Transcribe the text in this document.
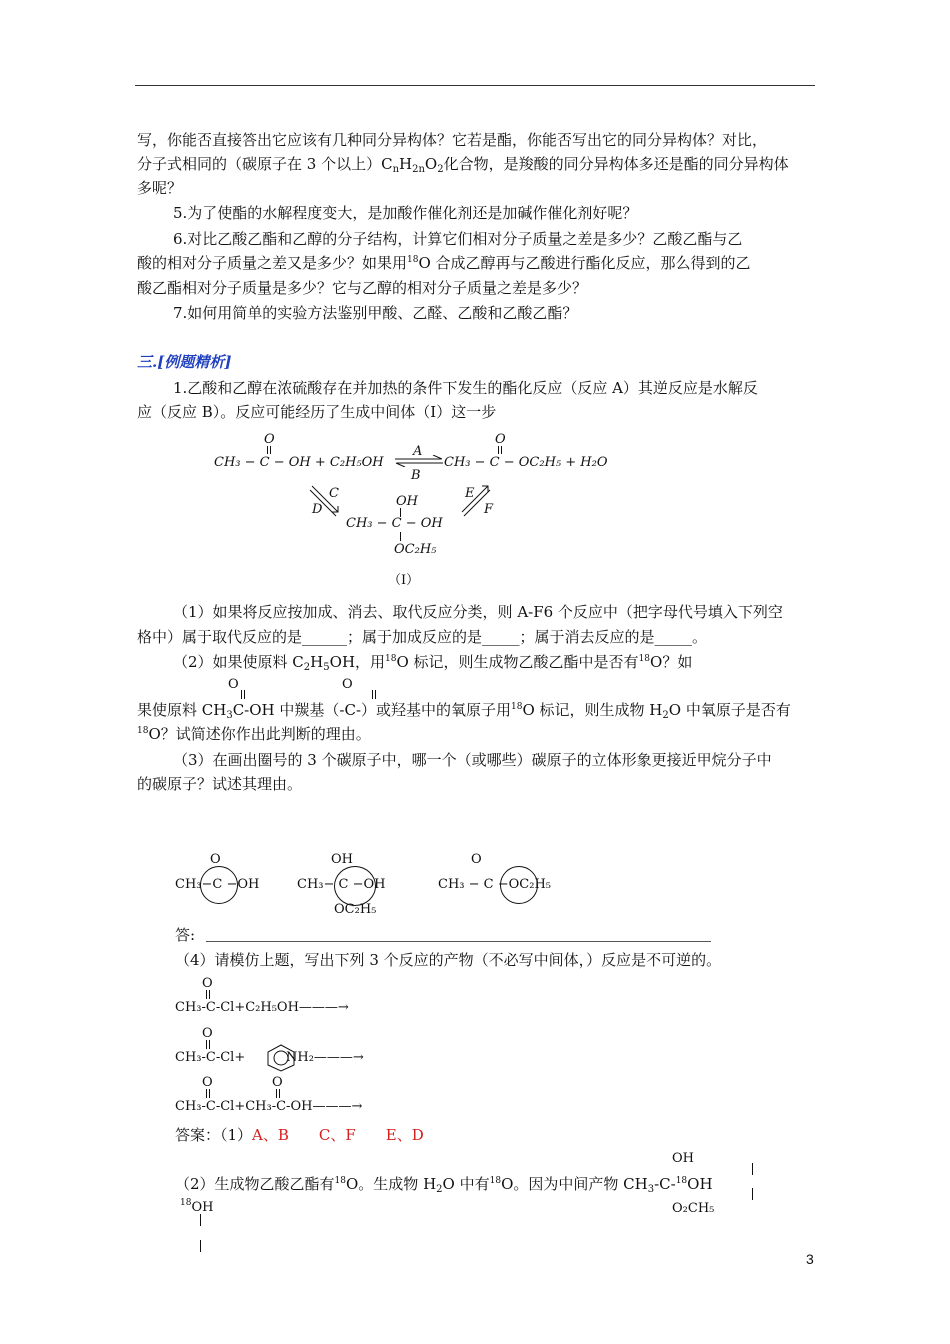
写，你能否直接答出它应该有几种同分异构体？它若是酯，你能否写出它的同分异构体？对比，
分子式相同的（碳原子在 3 个以上）$C_nH_{2n}O_2$化合物，是羧酸的同分异构体多还是酯的同分异构体
多呢？
5.为了使酯的水解程度变大，是加酸作催化剂还是加碱作催化剂好呢？
6.对比乙酸乙酯和乙醇的分子结构，计算它们相对分子质量之差是多少？乙酸乙酯与乙
酸的相对分子质量之差又是多少？如果用$^{18}$O 合成乙醇再与乙酸进行酯化反应，那么得到的乙
酸乙酯相对分子质量是多少？它与乙醇的相对分子质量之差是多少？
7.如何用简单的实验方法鉴别甲酸、乙醛、乙酸和乙酸乙酯？
三.[例题精析]
1.乙酸和乙醇在浓硫酸存在并加热的条件下发生的酯化反应（反应 A）其逆反应是水解反
应（反应 B）。反应可能经历了生成中间体（I）这一步
O
CH₃ − C − OH + C₂H₅OH
A
B
O
CH₃ − C − OC₂H₅ + H₂O
C
D
E
F
OH
CH₃ − C − OH
OC₂H₅
（I）
（1）如果将反应按加成、消去、取代反应分类，则 A-F6 个反应中（把字母代号填入下列空
格中）属于取代反应的是______；属于加成反应的是_____；属于消去反应的是_____。
（2）如果使原料 $C_2H_5OH$，用$^{18}$O 标记，则生成物乙酸乙酯中是否有$^{18}$O？如
O	O
果使原料 $CH_3C-OH$ 中羰基（-C-）或羟基中的氧原子用$^{18}$O 标记，则生成物 $H_2O$ 中氧原子是否有
$^{18}$O？试简述你作出此判断的理由。
（3）在画出圈号的 3 个碳原子中，哪一个（或哪些）碳原子的立体形象更接近甲烷分子中
的碳原子？试述其理由。
O
CH₃−C −OH
OH
CH₃− C −OH
OC₂H₅
O
CH₃ − C −OC₂H₅
答:
（4）请模仿上题，写出下列 3 个反应的产物（不必写中间体，）反应是不可逆的。
O
CH₃-C-Cl+C₂H₅OH———→
O
CH₃-C-Cl+	NH₂———→
O	O
CH₃-C-Cl+CH₃-C-OH———→
答案：（1）A、B　　C、F　　E、D
OH
（2）生成物乙酸乙酯有$^{18}$O。生成物 $H_2O$ 中有$^{18}$O。因为中间产物 $CH_3-C-^{18}OH$
O₂CH₅
$^{18}$OH
3
